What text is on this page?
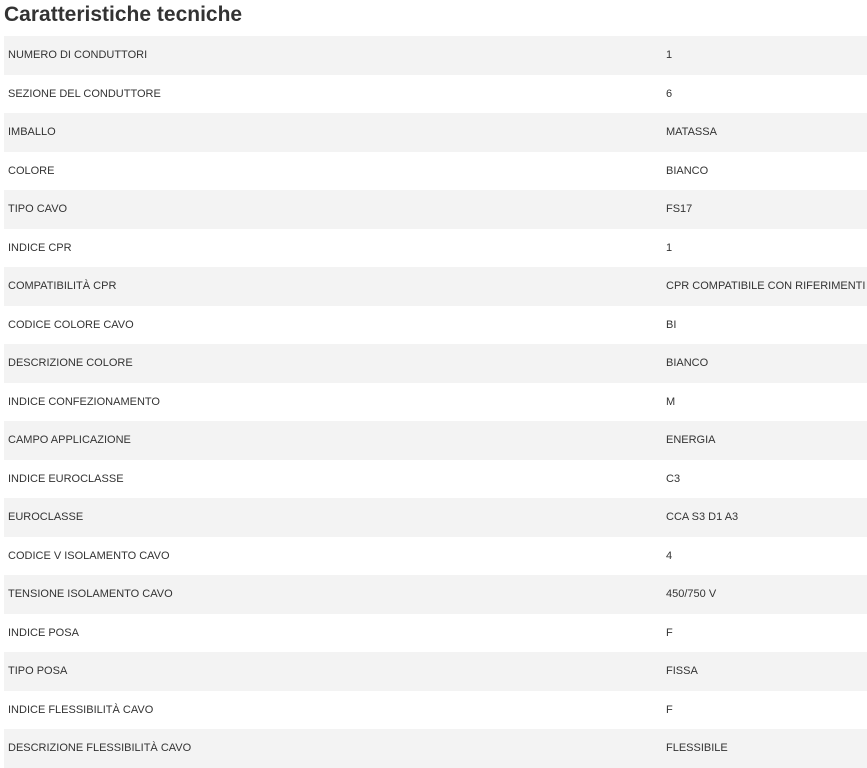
Caratteristiche tecniche
NUMERO DI CONDUTTORI	1
SEZIONE DEL CONDUTTORE	6
IMBALLO	MATASSA
COLORE	BIANCO
TIPO CAVO	FS17
INDICE CPR	1
COMPATIBILITÀ CPR	CPR COMPATIBILE CON RIFERIMENTI
CODICE COLORE CAVO	BI
DESCRIZIONE COLORE	BIANCO
INDICE CONFEZIONAMENTO	M
CAMPO APPLICAZIONE	ENERGIA
INDICE EUROCLASSE	C3
EUROCLASSE	CCA S3 D1 A3
CODICE V ISOLAMENTO CAVO	4
TENSIONE ISOLAMENTO CAVO	450/750 V
INDICE POSA	F
TIPO POSA	FISSA
INDICE FLESSIBILITÀ CAVO	F
DESCRIZIONE FLESSIBILITÀ CAVO	FLESSIBILE
